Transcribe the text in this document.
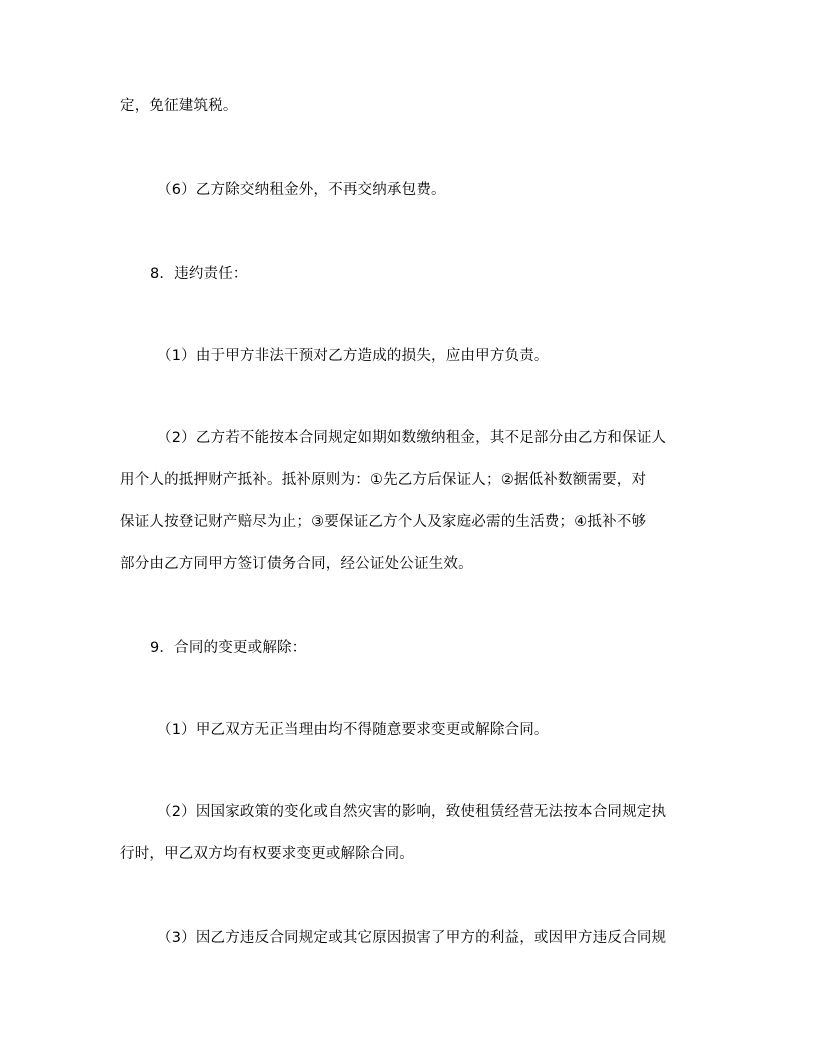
定，免征建筑税。
（6）乙方除交纳租金外，不再交纳承包费。
8．违约责任：
（1）由于甲方非法干预对乙方造成的损失，应由甲方负责。
（2）乙方若不能按本合同规定如期如数缴纳租金，其不足部分由乙方和保证人
用个人的抵押财产抵补。抵补原则为：①先乙方后保证人；②据低补数额需要，对
保证人按登记财产赔尽为止；③要保证乙方个人及家庭必需的生活费；④抵补不够
部分由乙方同甲方签订债务合同，经公证处公证生效。
9．合同的变更或解除：
（1）甲乙双方无正当理由均不得随意要求变更或解除合同。
（2）因国家政策的变化或自然灾害的影响，致使租赁经营无法按本合同规定执
行时，甲乙双方均有权要求变更或解除合同。
（3）因乙方违反合同规定或其它原因损害了甲方的利益，或因甲方违反合同规
